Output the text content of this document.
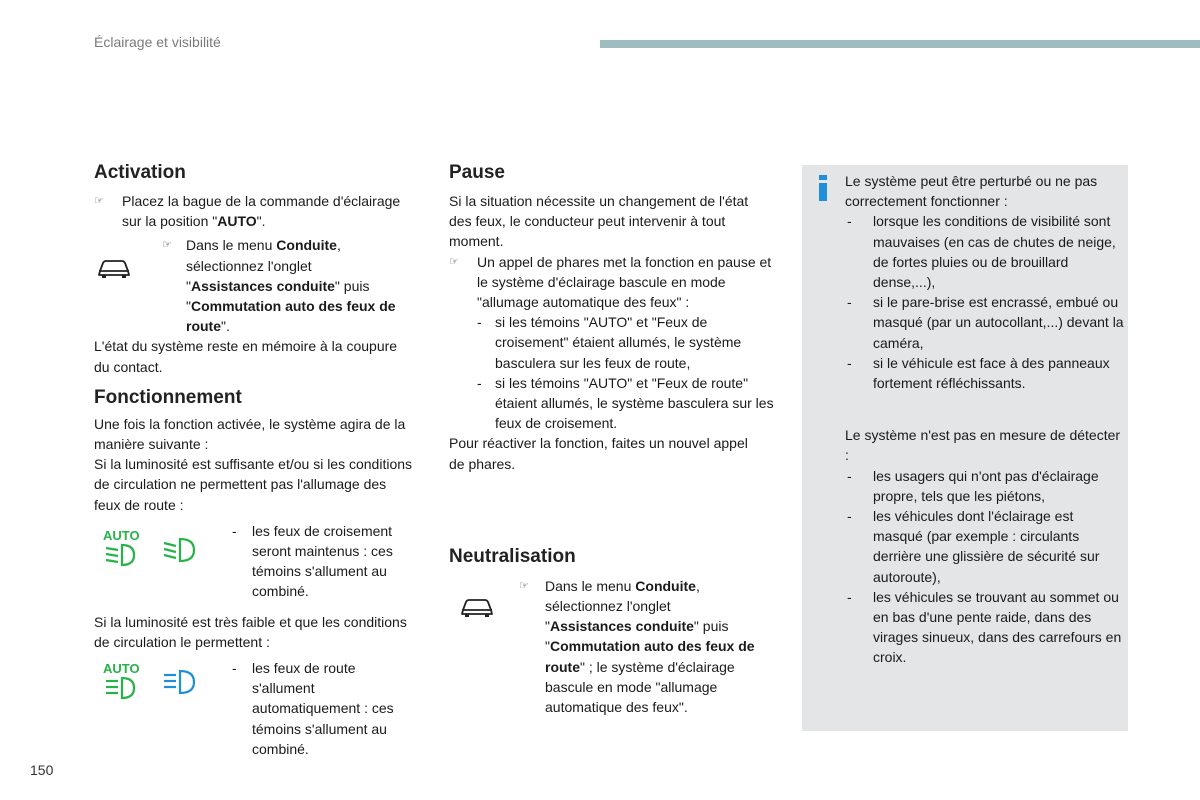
Éclairage et visibilité
Activation
☞	Placez la bague de la commande d'éclairage sur la position "AUTO".

☞	Dans le menu Conduite, sélectionnez l'onglet "Assistances conduite" puis "Commutation auto des feux de route".

L'état du système reste en mémoire à la coupure du contact.

Fonctionnement

Une fois la fonction activée, le système agira de la manière suivante :

Si la luminosité est suffisante et/ou si les conditions de circulation ne permettent pas l'allumage des feux de route :

AUTO	-	les feux de croisement seront maintenus : ces témoins s'allument au combiné.

Si la luminosité est très faible et que les conditions de circulation le permettent :

AUTO	-	les feux de route s'allument automatiquement : ces témoins s'allument au combiné.

Pause

Si la situation nécessite un changement de l'état des feux, le conducteur peut intervenir à tout moment.

☞	Un appel de phares met la fonction en pause et le système d'éclairage bascule en mode "allumage automatique des feux" :

- si les témoins "AUTO" et "Feux de croisement" étaient allumés, le système basculera sur les feux de route,

- si les témoins "AUTO" et "Feux de route" étaient allumés, le système basculera sur les feux de croisement.

Pour réactiver la fonction, faites un nouvel appel de phares.

Neutralisation
☞	Dans le menu Conduite, sélectionnez l'onglet "Assistances conduite" puis "Commutation auto des feux de route" ; le système d'éclairage bascule en mode "allumage automatique des feux".

Le système peut être perturbé ou ne pas correctement fonctionner :

-	lorsque les conditions de visibilité sont mauvaises (en cas de chutes de neige, de fortes pluies ou de brouillard dense,...),

-	si le pare-brise est encrassé, embué ou masqué (par un autocollant,...) devant la caméra,

-	si le véhicule est face à des panneaux fortement réfléchissants.

Le système n'est pas en mesure de détecter :

-	les usagers qui n'ont pas d'éclairage propre, tels que les piétons,

-	les véhicules dont l'éclairage est masqué (par exemple : circulants derrière une glissière de sécurité sur autoroute),

-	les véhicules se trouvant au sommet ou en bas d'une pente raide, dans des virages sinueux, dans des carrefours en croix.

150
